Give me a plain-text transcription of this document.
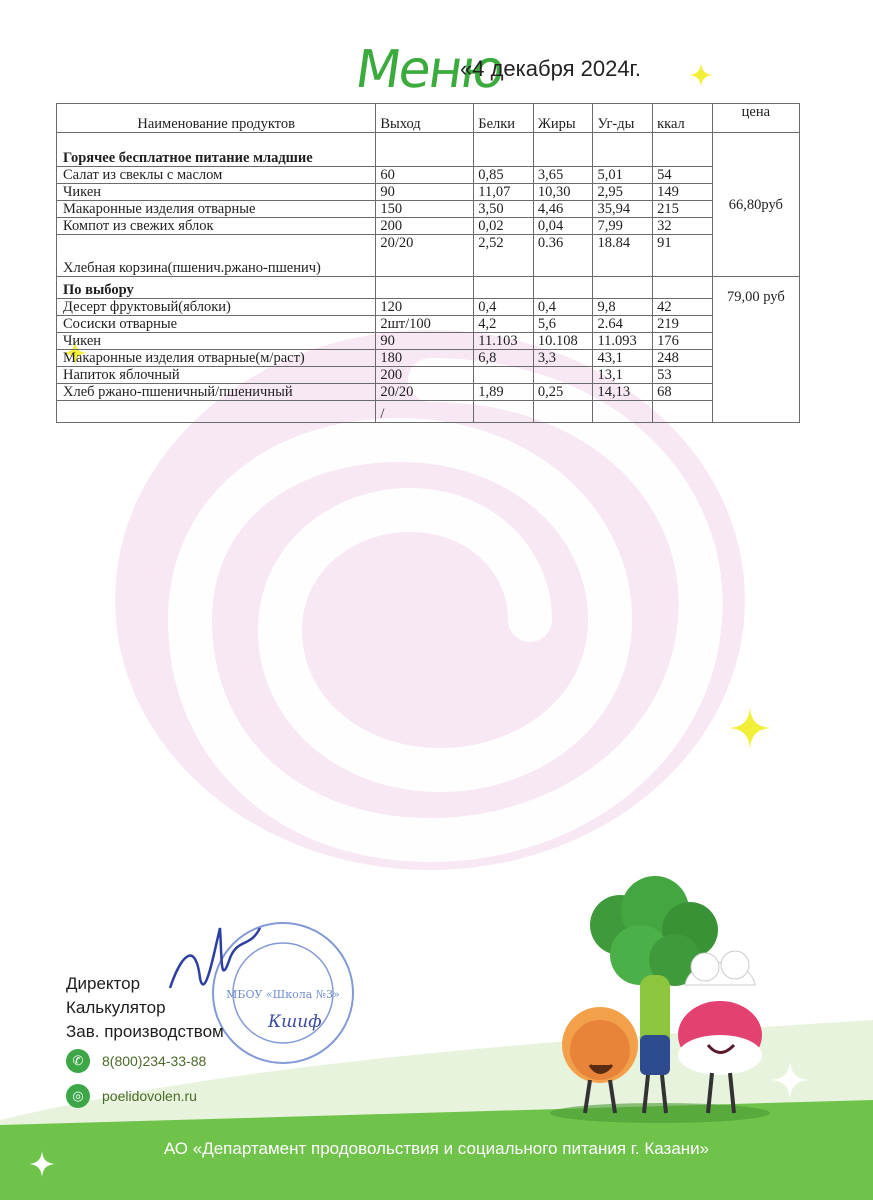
Меню
«4 декабря 2024г.
Наименование продуктов	Выход	Белки	Жиры	Уг-ды	ккал	цена
Горячее бесплатное питание младшие						66,80руб
Салат из свеклы с маслом	60	0,85	3,65	5,01	54	
Чикен	90	11,07	10,30	2,95	149	
Макаронные изделия отварные	150	3,50	4,46	35,94	215	
Компот из свежих яблок	200	0,02	0,04	7,99	32	
Хлебная корзина(пшенич.ржано-пшенич)	20/20	2,52	0.36	18.84	91	
По выбору						79,00 руб
Десерт фруктовый(яблоки)	120	0,4	0,4	9,8	42	
Сосиски отварные	2шт/100	4,2	5,6	2.64	219	
Чикен	90	11.103	10.108	11.093	176	
Макаронные изделия отварные(м/раст)	180	6,8	3,3	43,1	248	
Напиток яблочный	200			13,1	53	
Хлеб ржано-пшеничный/пшеничный	20/20	1,89	0,25	14,13	68	
	/					
МБОУ «Школа №3»
Кшиф
Директор
Калькулятор
Зав. производством
✆	8(800)234-33-88
◎	poelidovolen.ru
АО «Департамент продовольствия и социального питания г. Казани»
